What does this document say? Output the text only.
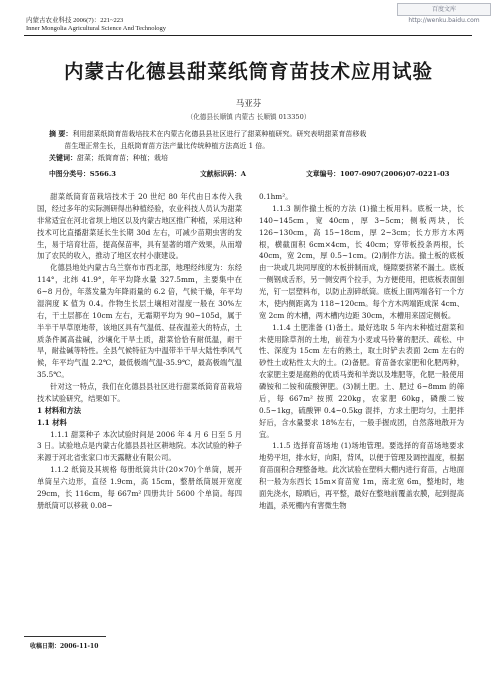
百度文库 http://wenku.baidu.com
内蒙古农业科技 2006(7)：221~223
Inner Mongolia Agricultural Science And Technology
内蒙古化德县甜菜纸筒育苗技术应用试验
马亚芬
（化德县长顺镇 内蒙古 长顺镇 013350）
摘 要：利用甜菜纸筒育苗栽培技术在内蒙古化德县县社区进行了甜菜种植研究。研究表明甜菜育苗移栽
苗生理正常生长，且纸筒育苗方法产量比传统种植方法高近 1 倍。
关键词：甜菜；纸筒育苗；种植；栽培
中图分类号：S566.3	文献标识码：A	文章编号：1007-0907(2006)07-0221-03

甜菜纸筒育苗栽培技术于 20 世纪 80 年代由日本传入我国，经过多年的实际测研得出种植经验，农业科技人员认为甜菜非常适宜在河北省坝上地区以及内蒙古地区推广种植，采用这种技术可比直播甜菜延长生长期 30d 左右，可减少苗期虫害的发生，易于培育壮苗，提高保苗率，具有显著的增产效果，从而增加了农民的收入，推动了地区农村小康建设。

化德县地处内蒙古乌兰察布市西北部，地理经纬度为：东经 114°，北纬 41.9°，年平均降水量 327.5mm，主要集中在 6~8 月份，年蒸发量为年降雨量的 6.2 倍，气候干燥，年平均湿润度 K 值为 0.4。作物生长层土壤相对湿度一般在 30%左右，干土层都在 10cm 左右，无霜期平均为 90~105d，属于半半干旱草原地带，该地区具有气温低、昼夜温差大的特点，土质条件属高盐碱，沙壤化干旱土质，甜菜恰恰有耐低温，耐干旱，耐盐碱等特性。全县气候特征为中温带半干旱大陆性季风气候，年平均气温 2.2℃，最低极端气温-35.9℃，最高极端气温 35.5℃。

针对这一特点，我们在化德县县社区进行甜菜纸筒育苗栽培技术试验研究，结果如下。

1 材料和方法

1.1 材料

1.1.1 甜菜种子 本次试验时间是 2006 年 4 月 6 日至 5 月 3 日。试验地点是内蒙古化德县县社区耕地院。本次试验的种子来源于河北省张家口市天露糖业有限公司。

1.1.2 纸筒及其规格 每册纸筒共计(20×70)个单筒，展开单筒呈六边形，直径 1.9cm，高 15cm，整册纸筒展开宽度 29cm，长 116cm，每 667m² 四册共计 5600 个单筒。每四册纸筒可以移栽 0.08~

0.1hm²。

1.1.3 制作撤土板的方法 (1)撤土板用料。底板一块，长 140~145cm，宽 40cm，厚 3~5cm；侧板两块，长 126~130cm，高 15~18cm，厚 2~3cm；长方形方木两根，横截面积 6cm×4cm，长 40cm；穿带板投条两根，长 40cm，宽 2cm，厚 0.5~1cm。(2)制作方法。撤土板的底板由一块或几块同厚度的木板拼制而成，缝隙要挤紧不漏土。底板一侧钢成舌形，另一侧安两个拉手，为方便使用，把底板表面刨光，钉一层塑料布，以防止刮碎纸筒。底板上面两端各钉一个方木，使内侧距离为 118~120cm。每个方木两端距成深 4cm、宽 2cm 的木槽，两木槽内边距 30cm，木槽用来固定侧板。

1.1.4 土肥准备 (1)备土。最好选取 5 年内未种植过甜菜和未使用除草剂的土地，前茬为小麦或马铃薯的肥沃、疏松、中性、深度为 15cm 左右的熟土，取土时铲去表面 2cm 左右的砂性土或粘性太大的土。(2)备肥。育苗备农家肥和化肥两种，农家肥主要是腐熟的优质马粪和羊粪以及堆肥等，化肥一般使用磷铵和二铵和硫酸钾肥。(3)制土肥。土、肥过 6~8mm 的筛后，每 667m² 按照 220kg，农家肥 60kg，磷酸二铵 0.5~1kg，硫酸钾 0.4~0.5kg 混拌，方求土肥均匀，土肥拌好后，含水量要求 18%左右，一般手握成团，自然落地散开为宜。

1.1.5 选择育苗场地 (1)场地管理。要选择的育苗场地要求地势平坦，排水好，向阳，背风，以便于管理及调控温度，根据育苗面积合理整备地。此次试验在塑料大棚内进行育苗，占地面积一般为东西长 15m×育苗宽 1m，南北宽 6m，整地时，地面先浇水，晾晒后，再平整，最好在整地前覆盖农膜，起到提高地温，杀死棚内有害微生物

收稿日期：2006-11-10
